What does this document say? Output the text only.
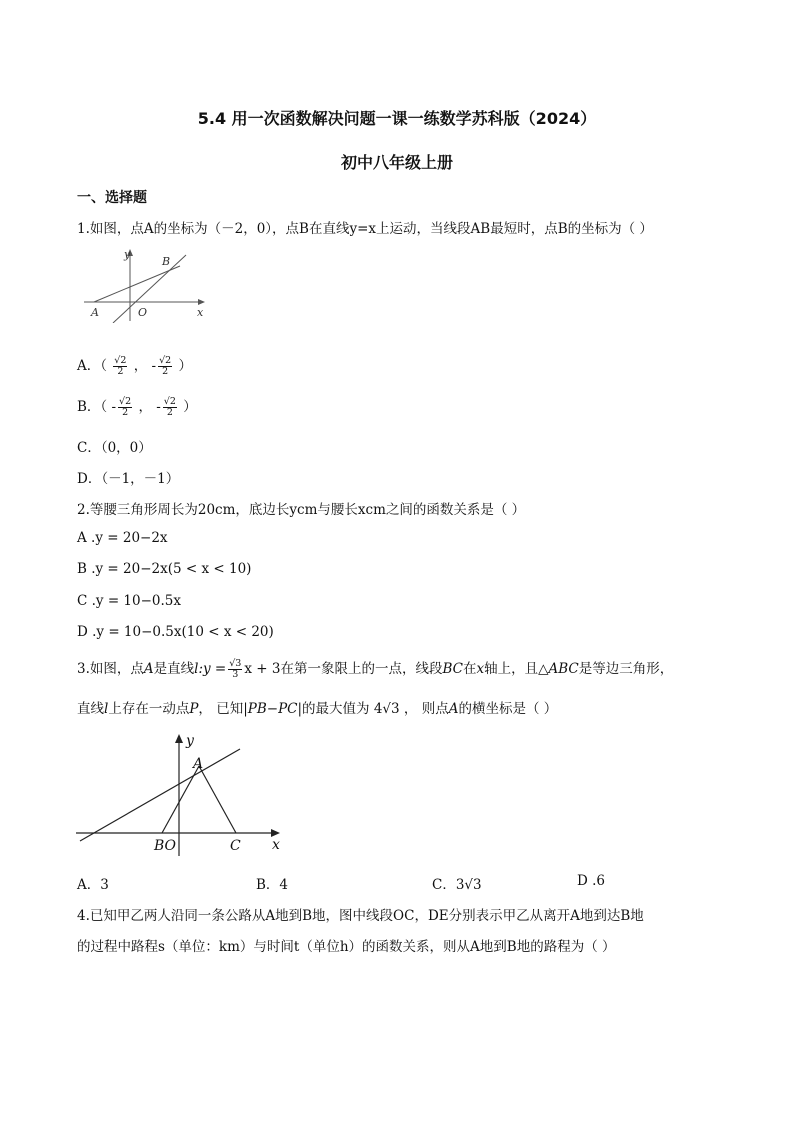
5.4 用一次函数解决问题一课一练数学苏科版（2024）
初中八年级上册
一、选择题
1.如图，点A的坐标为（－2，0），点B在直线y=x上运动，当线段AB最短时，点B的坐标为（ ）
y
B
A	O	x
A．（ $\frac{√2}{2}$ ， - $\frac{√2}{2}$ ）
B．（ - $\frac{√2}{2}$ ， - $\frac{√2}{2}$ ）
C．（0，0）
D．（－1，－1）
2.等腰三角形周长为20cm，底边长ycm与腰长xcm之间的函数关系是（ ）
A .y = 20−2x
B .y = 20−2x(5 < x < 10)
C .y = 10−0.5x
D .y = 10−0.5x(10 < x < 20)
3.如图，点A是直线l:y = $\frac{√3}{3}$ x + 3在第一象限上的一点，线段BC在x轴上，且△ABC是等边三角形，
直线l上存在一动点P， 已知|PB−PC|的最大值为 4√3 ， 则点A的横坐标是（ ）
y
A
BO	C x
A．3	B．4	C．3√3	D .6
4.已知甲乙两人沿同一条公路从A地到B地，图中线段OC，DE分别表示甲乙从离开A地到达B地
的过程中路程s（单位：km）与时间t（单位h）的函数关系，则从A地到B地的路程为（ ）
